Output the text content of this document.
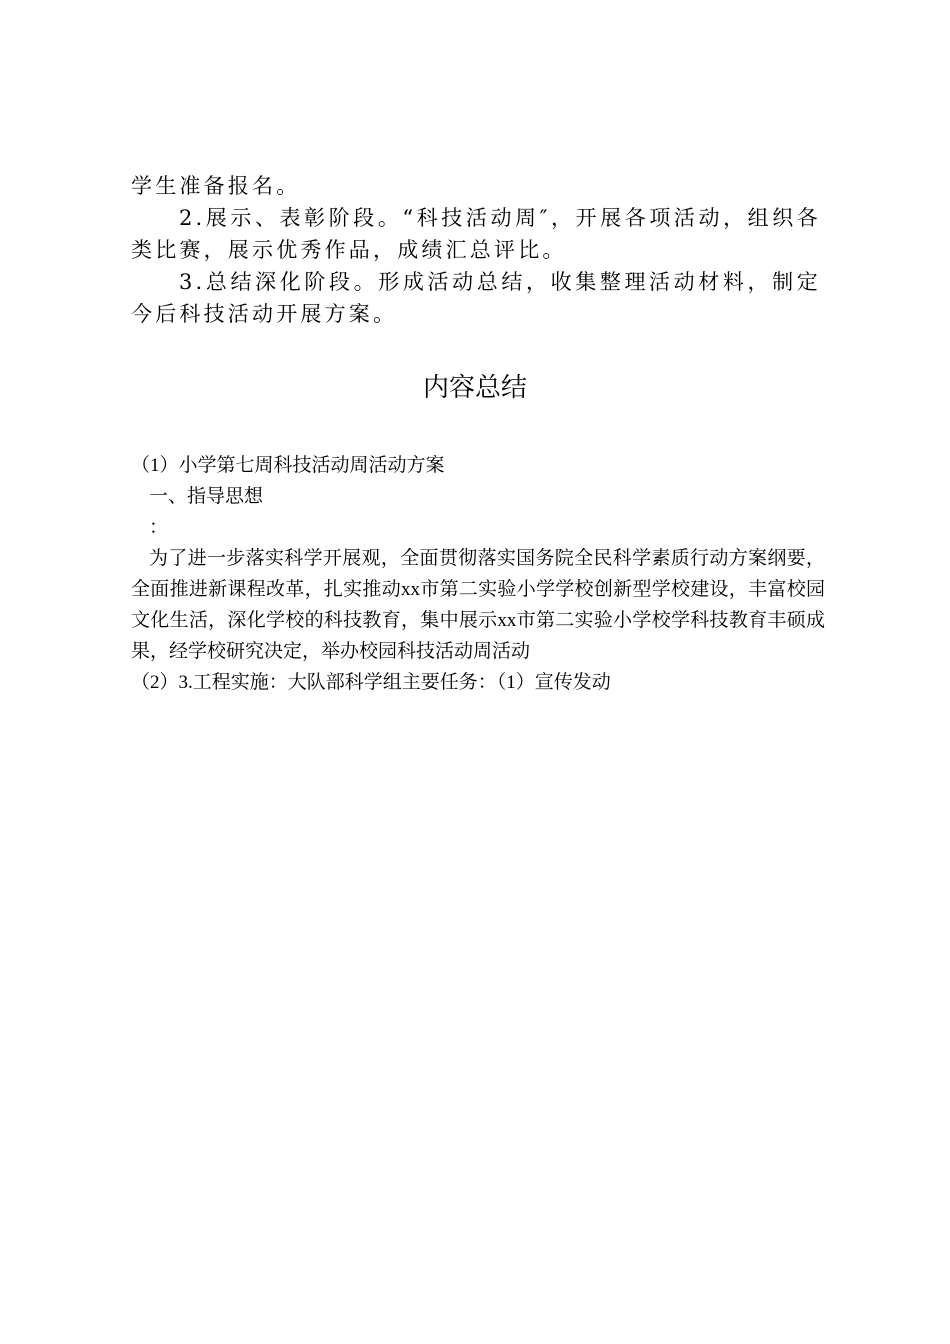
学生准备报名。

2.展示、表彰阶段。“科技活动周″，开展各项活动，组织各类比赛，展示优秀作品，成绩汇总评比。

3.总结深化阶段。形成活动总结，收集整理活动材料，制定今后科技活动开展方案。

内容总结

（1）小学第七周科技活动周活动方案

一、指导思想

：

为了进一步落实科学开展观，全面贯彻落实国务院全民科学素质行动方案纲要，全面推进新课程改革，扎实推动xx市第二实验小学学校创新型学校建设，丰富校园文化生活，深化学校的科技教育，集中展示xx市第二实验小学校学科技教育丰硕成果，经学校研究决定，举办校园科技活动周活动

（2）3.工程实施：大队部科学组主要任务：（1）宣传发动
